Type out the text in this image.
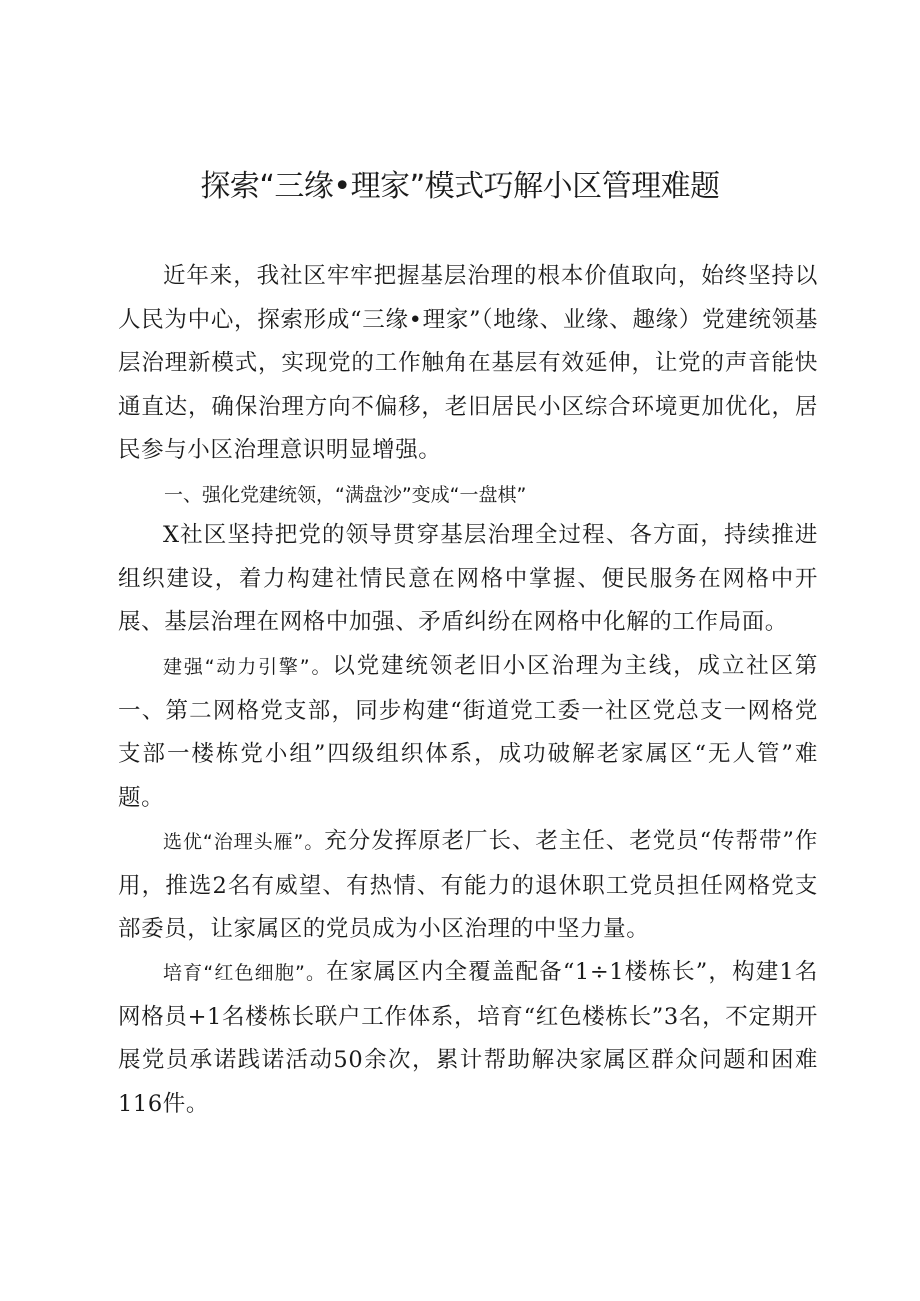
探索“三缘•理家”模式巧解小区管理难题

近年来，我社区牢牢把握基层治理的根本价值取向，始终坚持以人民为中心，探索形成“三缘•理家”（地缘、业缘、趣缘）党建统领基层治理新模式，实现党的工作触角在基层有效延伸，让党的声音能快通直达，确保治理方向不偏移，老旧居民小区综合环境更加优化，居民参与小区治理意识明显增强。

一、强化党建统领，“满盘沙”变成“一盘棋”

X社区坚持把党的领导贯穿基层治理全过程、各方面，持续推进组织建设，着力构建社情民意在网格中掌握、便民服务在网格中开展、基层治理在网格中加强、矛盾纠纷在网格中化解的工作局面。

建强“动力引擎”。以党建统领老旧小区治理为主线，成立社区第一、第二网格党支部，同步构建“街道党工委一社区党总支一网格党支部一楼栋党小组”四级组织体系，成功破解老家属区“无人管”难题。

选优“治理头雁”。充分发挥原老厂长、老主任、老党员“传帮带”作用，推选2名有威望、有热情、有能力的退休职工党员担任网格党支部委员，让家属区的党员成为小区治理的中坚力量。

培育“红色细胞”。在家属区内全覆盖配备“1÷1楼栋长”，构建1名网格员+1名楼栋长联户工作体系，培育“红色楼栋长”3名，不定期开展党员承诺践诺活动50余次，累计帮助解决家属区群众问题和困难116件。
